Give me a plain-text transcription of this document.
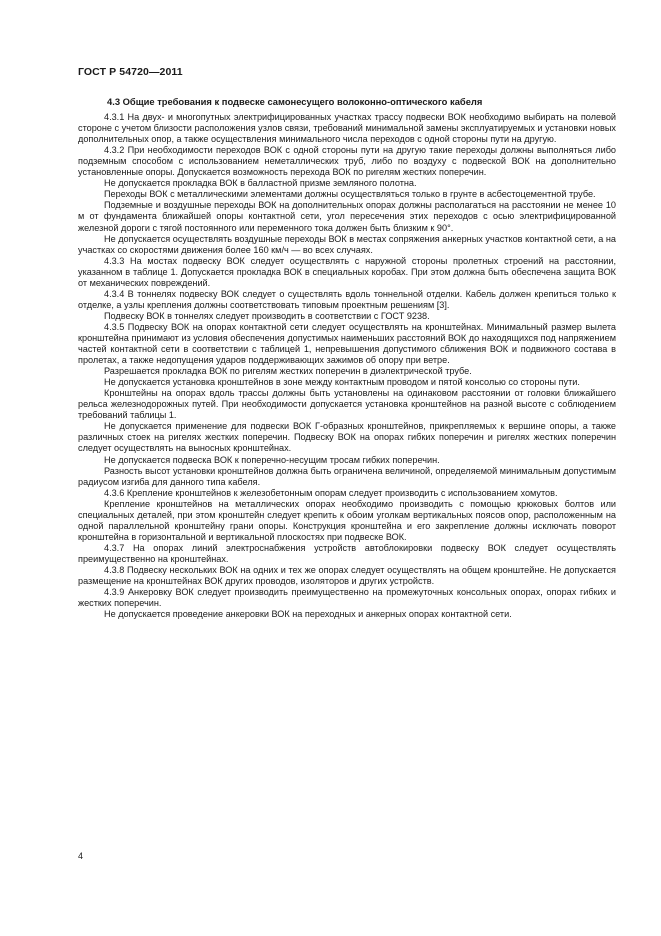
ГОСТ Р 54720—2011
4.3 Общие требования к подвеске самонесущего волоконно-оптического кабеля

4.3.1 На двух- и многопутных электрифицированных участках трассу подвески ВОК необходимо выбирать на полевой стороне с учетом близости расположения узлов связи, требований минимальной замены эксплуатируемых и установки новых дополнительных опор, а также осуществления минимального числа переходов с одной стороны пути на другую.

4.3.2 При необходимости переходов ВОК с одной стороны пути на другую такие переходы должны выполняться либо подземным способом с использованием неметаллических труб, либо по воздуху с подвеской ВОК на дополнительно установленные опоры. Допускается возможность перехода ВОК по ригелям жестких поперечин.

Не допускается прокладка ВОК в балластной призме земляного полотна.

Переходы ВОК с металлическими элементами должны осуществляться только в грунте в асбестоцементной трубе.

Подземные и воздушные переходы ВОК на дополнительных опорах должны располагаться на расстоянии не менее 10 м от фундамента ближайшей опоры контактной сети, угол пересечения этих переходов с осью электрифицированной железной дороги с тягой постоянного или переменного тока должен быть близким к 90°.

Не допускается осуществлять воздушные переходы ВОК в местах сопряжения анкерных участков контактной сети, а на участках со скоростями движения более 160 км/ч — во всех случаях.

4.3.3 На мостах подвеску ВОК следует осуществлять с наружной стороны пролетных строений на расстоянии, указанном в таблице 1. Допускается прокладка ВОК в специальных коробах. При этом должна быть обеспечена защита ВОК от механических повреждений.

4.3.4 В тоннелях подвеску ВОК следует о существлять вдоль тоннельной отделки. Кабель должен крепиться только к отделке, а узлы крепления должны соответствовать типовым проектным решениям [3].

Подвеску ВОК в тоннелях следует производить в соответствии с ГОСТ 9238.

4.3.5 Подвеску ВОК на опорах контактной сети следует осуществлять на кронштейнах. Минимальный размер вылета кронштейна принимают из условия обеспечения допустимых наименьших расстояний ВОК до находящихся под напряжением частей контактной сети в соответствии с таблицей 1, непревышения допустимого сближения ВОК и подвижного состава в пролетах, а также недопущения ударов поддерживающих зажимов об опору при ветре.

Разрешается прокладка ВОК по ригелям жестких поперечин в диэлектрической трубе.

Не допускается установка кронштейнов в зоне между контактным проводом и пятой консолью со стороны пути.

Кронштейны на опорах вдоль трассы должны быть установлены на одинаковом расстоянии от головки ближайшего рельса железнодорожных путей. При необходимости допускается установка кронштейнов на разной высоте с соблюдением требований таблицы 1.

Не допускается применение для подвески ВОК Г-образных кронштейнов, прикрепляемых к вершине опоры, а также различных стоек на ригелях жестких поперечин. Подвеску ВОК на опорах гибких поперечин и ригелях жестких поперечин следует осуществлять на выносных кронштейнах.

Не допускается подвеска ВОК к поперечно-несущим тросам гибких поперечин.

Разность высот установки кронштейнов должна быть ограничена величиной, определяемой минимальным допустимым радиусом изгиба для данного типа кабеля.

4.3.6 Крепление кронштейнов к железобетонным опорам следует производить с использованием хомутов.

Крепление кронштейнов на металлических опорах необходимо производить с помощью крюковых болтов или специальных деталей, при этом кронштейн следует крепить к обоим уголкам вертикальных поясов опор, расположенным на одной параллельной кронштейну грани опоры. Конструкция кронштейна и его закрепление должны исключать поворот кронштейна в горизонтальной и вертикальной плоскостях при подвеске ВОК.

4.3.7 На опорах линий электроснабжения устройств автоблокировки подвеску ВОК следует осуществлять преимущественно на кронштейнах.

4.3.8 Подвеску нескольких ВОК на одних и тех же опорах следует осуществлять на общем кронштейне. Не допускается размещение на кронштейнах ВОК других проводов, изоляторов и других устройств.

4.3.9 Анкеровку ВОК следует производить преимущественно на промежуточных консольных опорах, опорах гибких и жестких поперечин.

Не допускается проведение анкеровки ВОК на переходных и анкерных опорах контактной сети.

4
